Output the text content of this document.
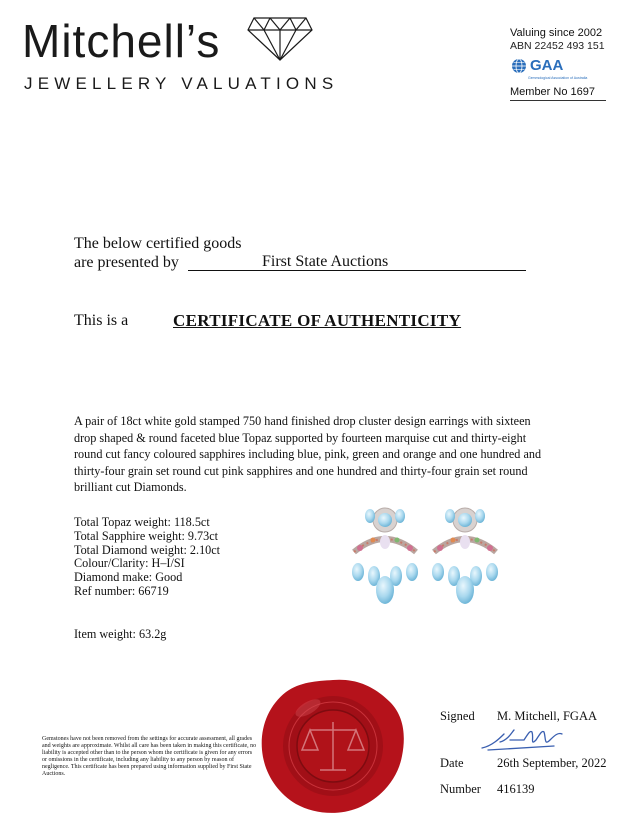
Mitchell’s
JEWELLERY VALUATIONS
Valuing since 2002
ABN 22452 493 151
GAA
Gemmological Association of Australia
Member No 1697
The below certified goods
are presented by	First State Auctions
This is a	CERTIFICATE OF AUTHENTICITY
A pair of 18ct white gold stamped 750 hand finished drop cluster design earrings with sixteen drop shaped & round faceted blue Topaz supported by fourteen marquise cut and thirty-eight round cut fancy coloured sapphires including blue, pink, green and orange and one hundred and thirty-four grain set round cut pink sapphires and one hundred and thirty-four grain set round brilliant cut Diamonds.
Total Topaz weight: 118.5ct
Total Sapphire weight: 9.73ct
Total Diamond weight: 2.10ct
Colour/Clarity: H–I/SI
Diamond make: Good
Ref number: 66719
Item weight: 63.2g
Gemstones have not been removed from the settings for accurate assessment, all grades and weights are approximate. Whilst all care has been taken in making this certificate, no liability is accepted other than to the person whom the certificate is given for any errors or omissions in the certificate, including any liability to any person by reason of negligence. This certificate has been prepared using information supplied by First State Auctions.
Signed M. Mitchell, FGAA
Date	26th September, 2022
Number 416139
